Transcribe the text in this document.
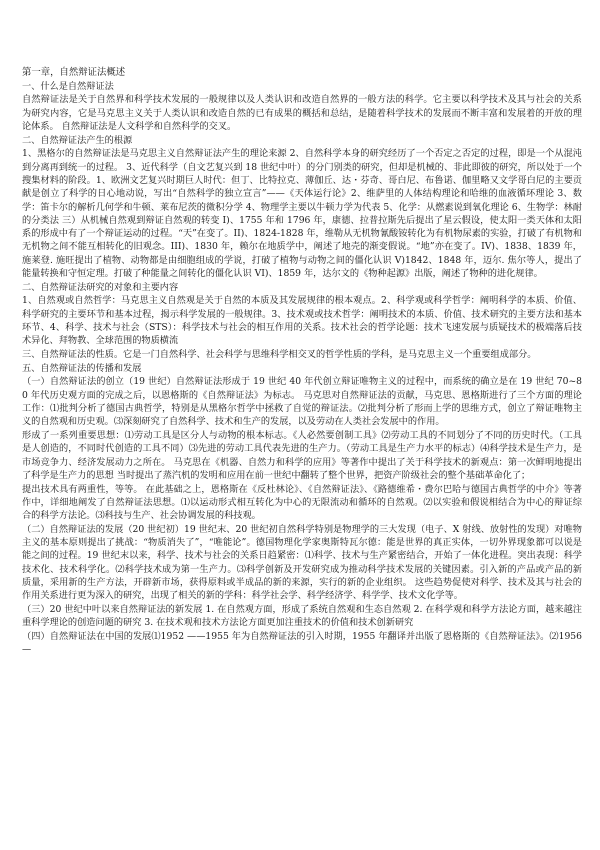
第一章，自然辩证法概述

一、什么是自然辩证法

自然辩证法是关于自然界和科学技术发展的一般规律以及人类认识和改造自然界的一般方法的科学。它主要以科学技术及其与社会的关系为研究内容，它是马克思主义关于人类认识和改造自然的已有成果的概括和总结，是随着科学技术的发展而不断丰富和发展着的开放的理论体系。 自然辩证法是人文科学和自然科学的交叉。

二、自然辩证法产生的根源

1、黑格尔的自然辩证法是马克思主义自然辩证法产生的理论来源 2、自然科学本身的研究经历了一个否定之否定的过程，即是一个从混沌到分离再到统一的过程。 3、近代科学（自文艺复兴到 18 世纪中叶）的分门别类的研究，但却是机械的、非此即彼的研究，所以处于一个搜集材料的阶段。1、欧洲文艺复兴时期巨人时代：但丁、比特拉克、薄伽丘、达・芬奇、哥白尼、布鲁诺、伽里略又文学哥白尼的主要贡献是创立了科学的日心地动说，写出“自然科学的独立宣言”——《天体运行论》2、维萨里的人体结构理论和哈维的血液循环理论 3、数学：笛卡尔的解析几何学和牛顿、莱布尼茨的微积分学 4、物理学主要以牛顿力学为代表 5、化学：从燃素说到氧化理论 6、生物学：林耐的分类法 三）从机械自然观到辩证自然观的转变 I)、1755 年和 1796 年，康德、拉普拉斯先后提出了星云假设，使太阳一类天体和太阳系的形成中有了一个辩证运动的过程。“天”在变了。II)、1824-1828 年，维勒从无机物氰酸铵转化为有机物尿素的实验，打破了有机物和无机物之间不能互相转化的旧观念。III)、1830 年，赖尔在地质学中，阐述了地壳的渐变假说。“地”亦在变了。IV)、1838、1839 年，施莱登. 施旺提出了植物、动物都是由细胞组成的学说，打破了植物与动物之间的僵化认识 V)1842、1848 年，迈尔. 焦尔等人，提出了能量转换和守恒定理。打破了种能量之间转化的僵化认识 VI)、1859 年，达尔文的《物种起源》出版，阐述了物种的进化规律。

二、自然辩证法研究的对象和主要内容

1、自然观或自然哲学：马克思主义自然观是关于自然的本质及其发展规律的根本观点。2、科学观或科学哲学：阐明科学的本质、价值、科学研究的主要环节和基本过程，揭示科学发展的一般规律。3、技术观或技术哲学：阐明技术的本质、价值、技术研究的主要方法和基本环节、4、科学、技术与社会（STS）：科学技术与社会的相互作用的关系。技术社会的哲学论题：技术飞速发展与质疑技术的极端落后技术异化、拜物教、全球范围的物质横流

三、自然辩证法的性质。它是一门自然科学、社会科学与思维科学相交叉的哲学性质的学科，是马克思主义一个重要组成部分。

五、自然辩证法的传播和发展

（一）自然辩证法的创立（19 世纪）自然辩证法形成于 19 世纪 40 年代创立辩证唯物主义的过程中，而系统的确立是在 19 世纪 70~80 年代历史观方面的完成之后，以恩格斯的《自然辩证法》为标志。 马克思对自然辩证法的贡献，马克思、恩格斯进行了三个方面的理论工作：⑴批判分析了德国古典哲学，特别是从黑格尔哲学中拯救了自觉的辩证法。⑵批判分析了形而上学的思维方式，创立了辩证唯物主义的自然观和历史观。⑶深刻研究了自然科学、技术和生产的发展，以及劳动在人类社会发展中的作用。

形成了一系列重要思想：⑴劳动工具是区分人与动物的根本标志。《人必然要创制工具》⑵劳动工具的不同划分了不同的历史时代。（工具是人创造的，不同时代创造的工具不同）⑶先进的劳动工具代表先进的生产力。（劳动工具是生产力水平的标志）⑷科学技术是生产力，是市场竞争力、经济发展动力之所在。 马克思在《机器、自然力和科学的应用》等著作中提出了关于科学技术的新观点：第一次鲜明地提出了科学是生产力的思想 当时提出了蒸汽机的发明和应用在前一世纪中翻转了整个世界，把资产阶级社会的整个基础革命化了；

提出技术具有两重性，等等。 在此基础之上，恩格斯在《反杜林论》、《自然辩证法》、《路德维希・费尔巴哈与德国古典哲学的中介》等著作中，详细地阐发了自然辩证法思想。⑴以运动形式相互转化为中心的无限流动和循环的自然观。⑵以实验和假说相结合为中心的辩证综合的科学方法论。⑶科技与生产、社会协调发展的科技观。

（二）自然辩证法的发展（20 世纪初）19 世纪末、20 世纪初自然科学特别是物理学的三大发现（电子、X 射线、放射性的发现）对唯物主义的基本原则提出了挑战：“物质消失了”，“唯能论”。德国物理化学家奥斯特瓦尔德：能是世界的真正实体，一切外界现象都可以说是能之间的过程。19 世纪末以来，科学、技术与社会的关系日趋紧密：⑴科学、技术与生产紧密结合，开始了一体化进程。突出表现：科学技术化、技术科学化。⑵科学技术成为第一生产力。⑶科学创新及开发研究成为推动科学技术发展的关键因素。引入新的产品或产品的新质量，采用新的生产方法，开辟新市场，获得原料或半成品的新的来源，实行的新的企业组织。 这些趋势促使对科学、技术及其与社会的作用关系进行更为深入的研究，出现了相关的新的学科：科学社会学、科学经济学、科学学、技术文化学等。

（三）20 世纪中叶以来自然辩证法的新发展 1. 在自然观方面，形成了系统自然观和生态自然观 2. 在科学观和科学方法论方面，越来越注重科学理论的创造问题的研究 3. 在技术观和技术方法论方面更加注重技术的价值和技术创新研究

（四）自然辩证法在中国的发展⑴1952 ——1955 年为自然辩证法的引入时期，1955 年翻译并出版了恩格斯的《自然辩证法》。⑵1956 —
